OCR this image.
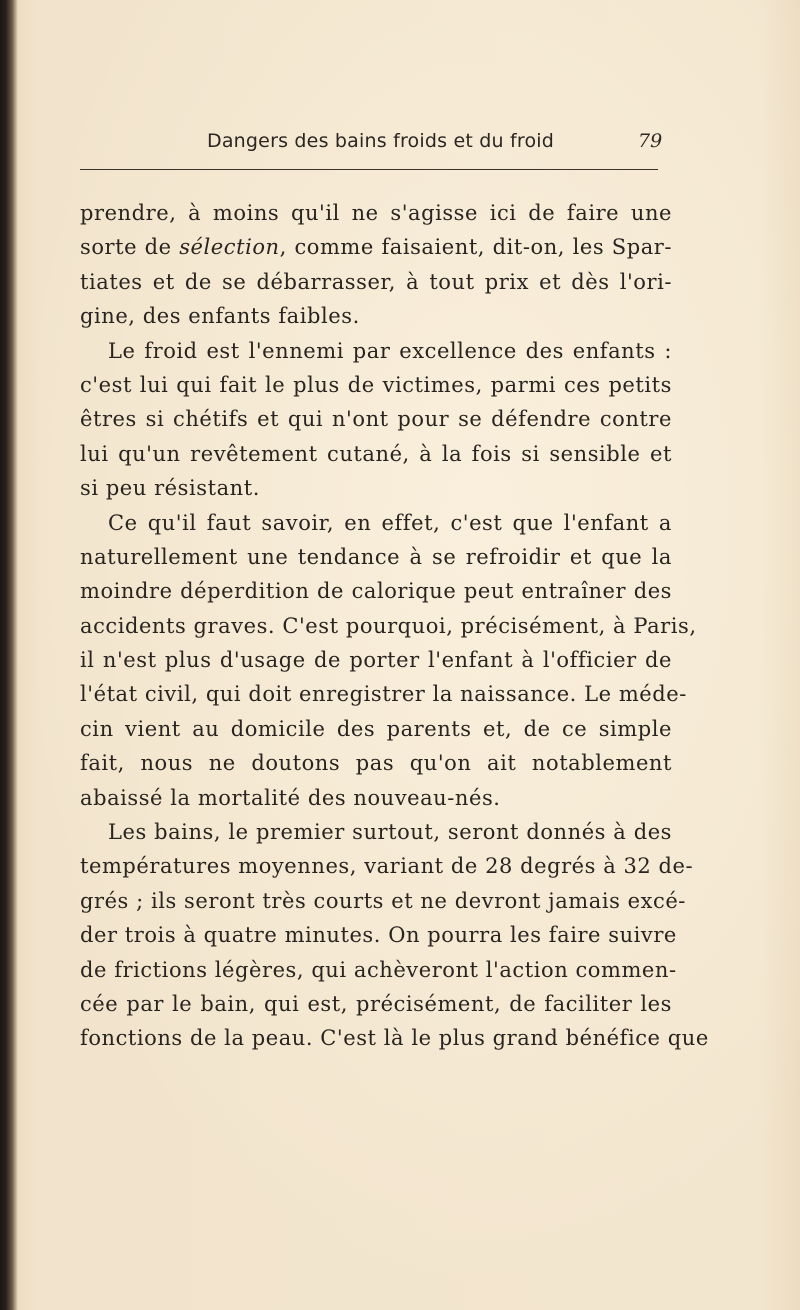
Dangers des bains froids et du froid	79
prendre, à moins qu'il ne s'agisse ici de faire une
sorte de sélection, comme faisaient, dit-on, les Spar-
tiates et de se débarrasser, à tout prix et dès l'ori-
gine, des enfants faibles.
Le froid est l'ennemi par excellence des enfants :
c'est lui qui fait le plus de victimes, parmi ces petits
êtres si chétifs et qui n'ont pour se défendre contre
lui qu'un revêtement cutané, à la fois si sensible et
si peu résistant.
Ce qu'il faut savoir, en effet, c'est que l'enfant a
naturellement une tendance à se refroidir et que la
moindre déperdition de calorique peut entraîner des
accidents graves. C'est pourquoi, précisément, à Paris,
il n'est plus d'usage de porter l'enfant à l'officier de
l'état civil, qui doit enregistrer la naissance. Le méde-
cin vient au domicile des parents et, de ce simple
fait, nous ne doutons pas qu'on ait notablement
abaissé la mortalité des nouveau-nés.
Les bains, le premier surtout, seront donnés à des
températures moyennes, variant de 28 degrés à 32 de-
grés ; ils seront très courts et ne devront jamais excé-
der trois à quatre minutes. On pourra les faire suivre
de frictions légères, qui achèveront l'action commen-
cée par le bain, qui est, précisément, de faciliter les
fonctions de la peau. C'est là le plus grand bénéfice que
